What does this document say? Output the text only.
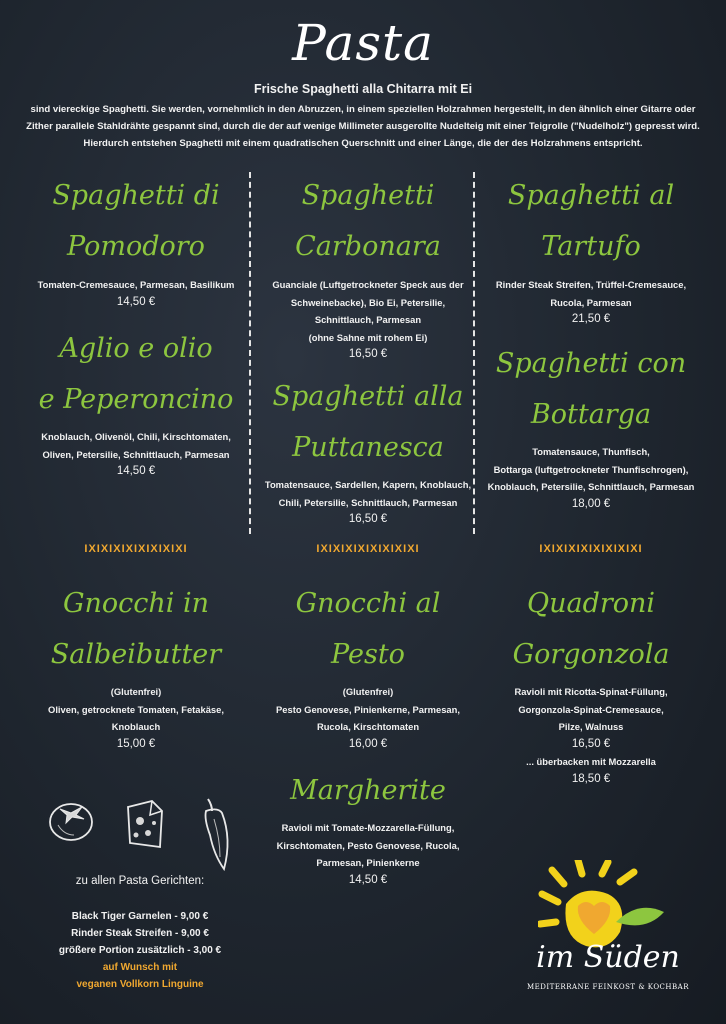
Pasta
Frische Spaghetti alla Chitarra mit Ei
sind viereckige Spaghetti. Sie werden, vornehmlich in den Abruzzen, in einem speziellen Holzrahmen hergestellt, in den ähnlich einer Gitarre oder Zither parallele Stahldrähte gespannt sind, durch die der auf wenige Millimeter ausgerollte Nudelteig mit einer Teigrolle ("Nudelholz") gepresst wird. Hierdurch entstehen Spaghetti mit einem quadratischen Querschnitt und einer Länge, die der des Holzrahmens entspricht.
Spaghetti di
Pomodoro
Tomaten-Cremesauce, Parmesan, Basilikum
14,50 €
Aglio e olio
e Peperoncino
Knoblauch, Olivenöl, Chili, Kirschtomaten,
Oliven, Petersilie, Schnittlauch, Parmesan
14,50 €
Spaghetti
Carbonara
Guanciale (Luftgetrockneter Speck aus der
Schweinebacke), Bio Ei, Petersilie,
Schnittlauch, Parmesan
(ohne Sahne mit rohem Ei)
16,50 €
Spaghetti alla
Puttanesca
Tomatensauce, Sardellen, Kapern, Knoblauch,
Chili, Petersilie, Schnittlauch, Parmesan
16,50 €
Spaghetti al
Tartufo
Rinder Steak Streifen, Trüffel-Cremesauce,
Rucola, Parmesan
21,50 €
Spaghetti con
Bottarga
Tomatensauce, Thunfisch,
Bottarga (luftgetrockneter Thunfischrogen),
Knoblauch, Petersilie, Schnittlauch, Parmesan
18,00 €
IXIXIXIXIXIXIXIXI	IXIXIXIXIXIXIXIXI	IXIXIXIXIXIXIXIXI
Gnocchi in
Salbeibutter
(Glutenfrei)
Oliven, getrocknete Tomaten, Fetakäse,
Knoblauch
15,00 €
Gnocchi al
Pesto
(Glutenfrei)
Pesto Genovese, Pinienkerne, Parmesan,
Rucola, Kirschtomaten
16,00 €
Quadroni
Gorgonzola
Ravioli mit Ricotta-Spinat-Füllung,
Gorgonzola-Spinat-Cremesauce,
Pilze, Walnuss
16,50 €
... überbacken mit Mozzarella
18,50 €
Margherite
Ravioli mit Tomate-Mozzarella-Füllung,
Kirschtomaten, Pesto Genovese, Rucola,
Parmesan, Pinienkerne
14,50 €
zu allen Pasta Gerichten:
Black Tiger Garnelen - 9,00 €
Rinder Steak Streifen - 9,00 €
größere Portion zusätzlich - 3,00 €
auf Wunsch mit
veganen Vollkorn Linguine
im Süden
MEDITERRANE FEINKOST & KOCHBAR
